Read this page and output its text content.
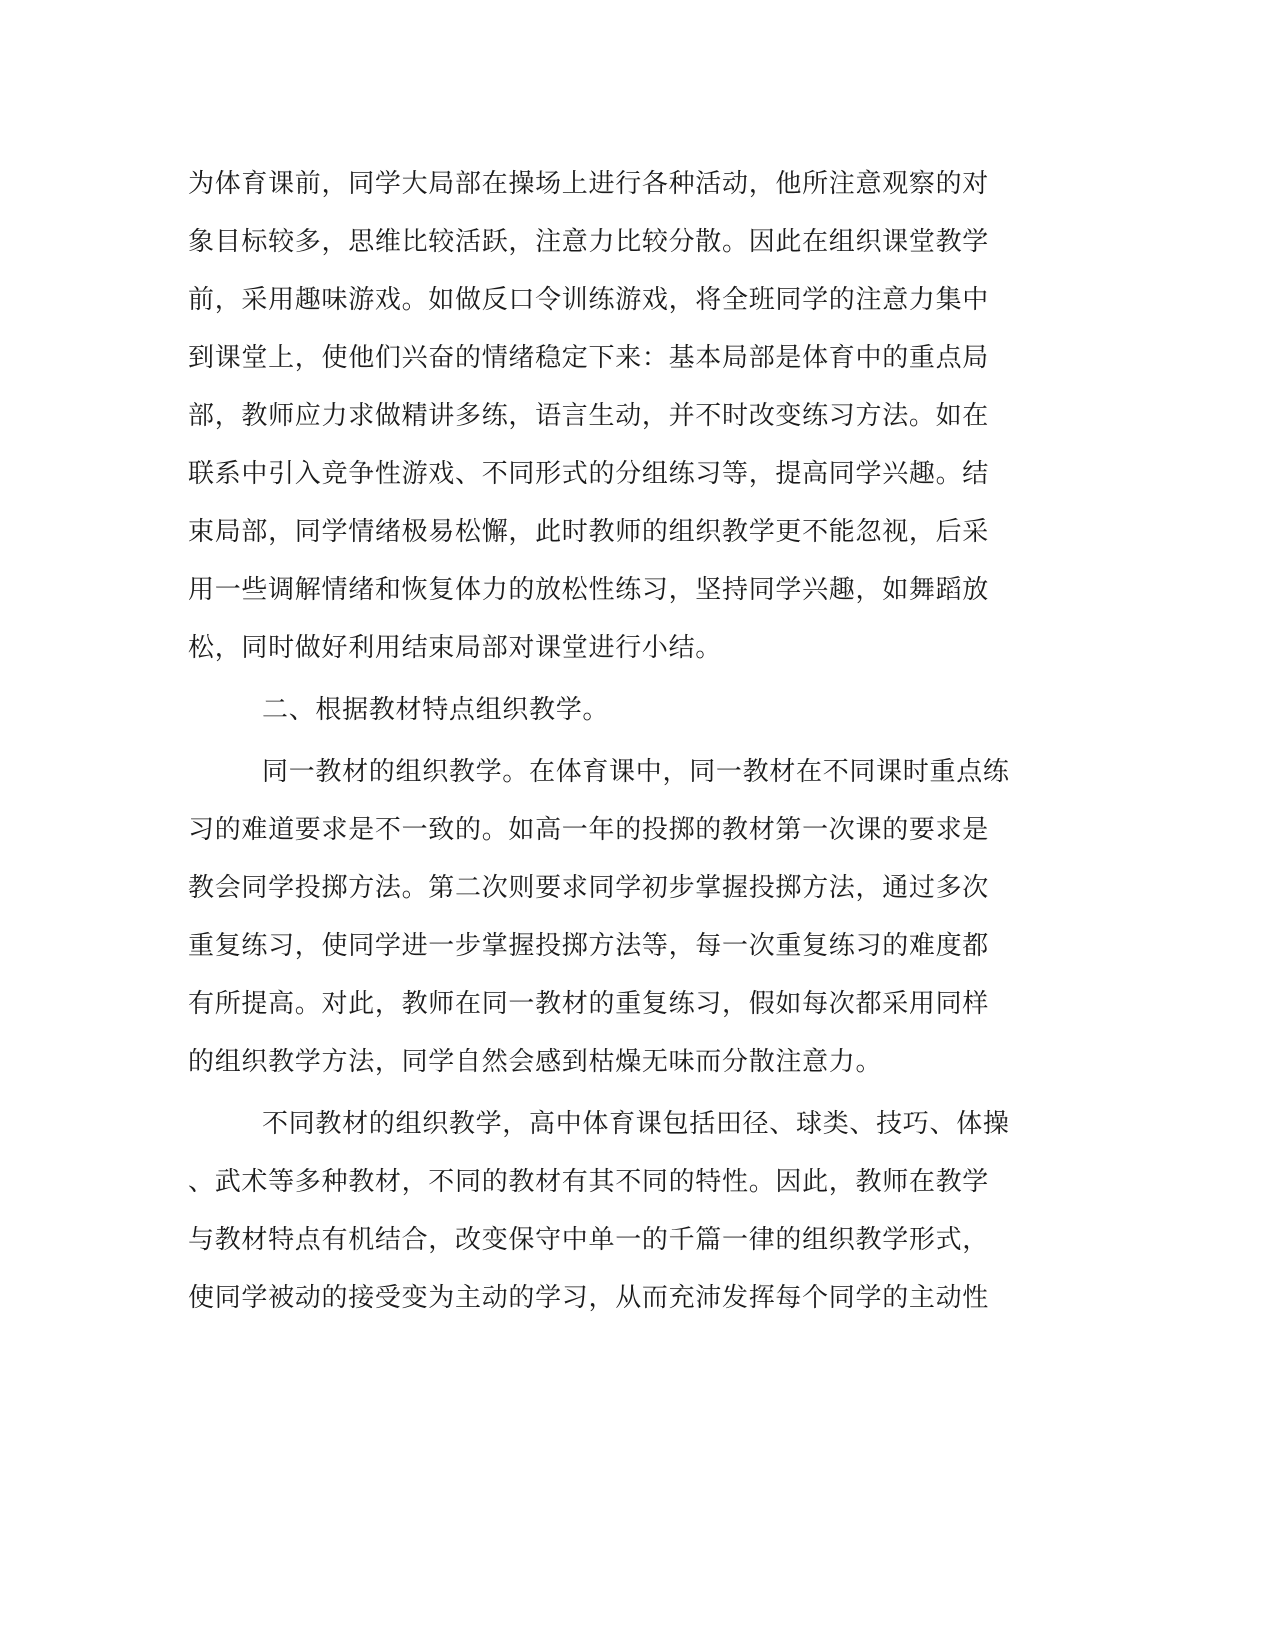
为体育课前，同学大局部在操场上进行各种活动，他所注意观察的对
象目标较多，思维比较活跃，注意力比较分散。因此在组织课堂教学
前，采用趣味游戏。如做反口令训练游戏，将全班同学的注意力集中
到课堂上，使他们兴奋的情绪稳定下来：基本局部是体育中的重点局
部，教师应力求做精讲多练，语言生动，并不时改变练习方法。如在
联系中引入竞争性游戏、不同形式的分组练习等，提高同学兴趣。结
束局部，同学情绪极易松懈，此时教师的组织教学更不能忽视，后采
用一些调解情绪和恢复体力的放松性练习，坚持同学兴趣，如舞蹈放
松，同时做好利用结束局部对课堂进行小结。
二、根据教材特点组织教学。
同一教材的组织教学。在体育课中，同一教材在不同课时重点练
习的难道要求是不一致的。如高一年的投掷的教材第一次课的要求是
教会同学投掷方法。第二次则要求同学初步掌握投掷方法，通过多次
重复练习，使同学进一步掌握投掷方法等，每一次重复练习的难度都
有所提高。对此，教师在同一教材的重复练习，假如每次都采用同样
的组织教学方法，同学自然会感到枯燥无味而分散注意力。
不同教材的组织教学，高中体育课包括田径、球类、技巧、体操
、武术等多种教材，不同的教材有其不同的特性。因此，教师在教学
与教材特点有机结合，改变保守中单一的千篇一律的组织教学形式，
使同学被动的接受变为主动的学习，从而充沛发挥每个同学的主动性
